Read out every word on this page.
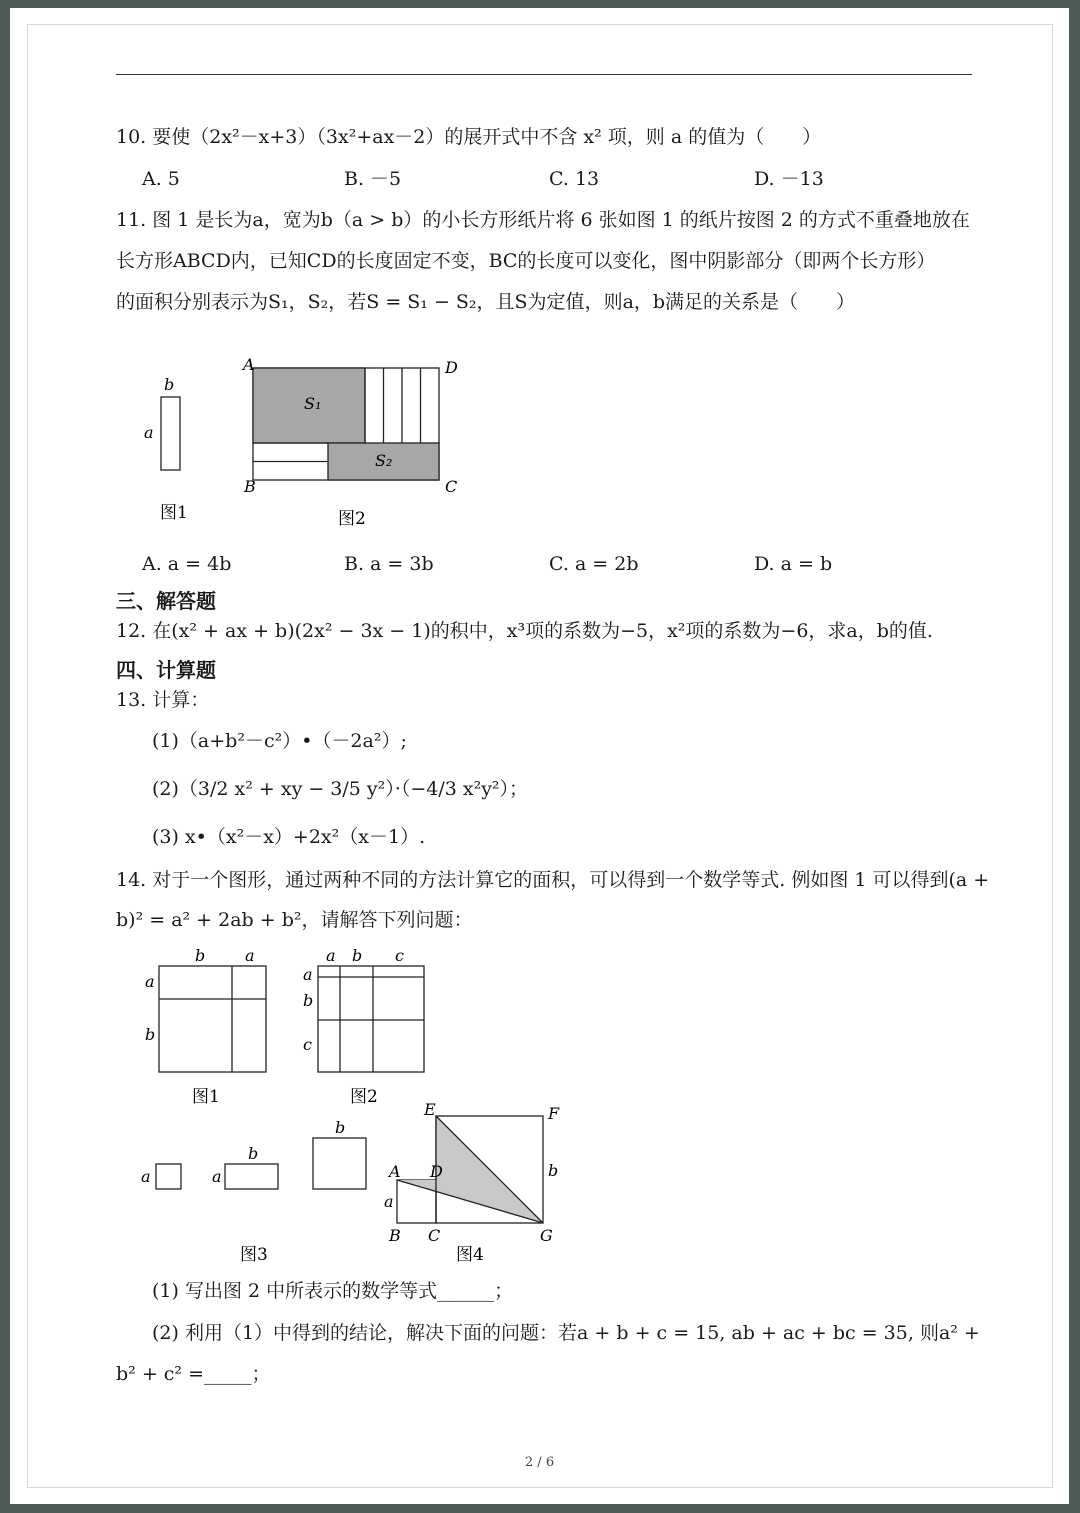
10. 要使（2x²－x+3）（3x²+ax－2）的展开式中不含 x² 项，则 a 的值为（　　）
A. 5	B. －5	C. 13	D. －13
11. 图 1 是长为a，宽为b（a > b）的小长方形纸片将 6 张如图 1 的纸片按图 2 的方式不重叠地放在
长方形ABCD内，已知CD的长度固定不变，BC的长度可以变化，图中阴影部分（即两个长方形）
的面积分别表示为S₁，S₂，若S = S₁ − S₂，且S为定值，则a，b满足的关系是（　　）
b
a
图1
A	D
B	C
S₁
S₂
图2
A. a = 4b	B. a = 3b	C. a = 2b	D. a = b
三、解答题
12. 在(x² + ax + b)(2x² − 3x − 1)的积中，x³项的系数为−5，x²项的系数为−6，求a，b的值.
四、计算题
13. 计算：
(1)（a+b²－c²）•（－2a²）;
(2)（3/2 x² + xy − 3/5 y²）·（−4/3 x²y²）；
(3) x•（x²－x）+2x²（x－1）.
14. 对于一个图形，通过两种不同的方法计算它的面积，可以得到一个数学等式. 例如图 1 可以得到(a +
b)² = a² + 2ab + b²，请解答下列问题：
b a
a
b
图1
a b c
a
b
c
图2
a	a
b
b
图3
E	F
A D
a
b
B C	G
图4
(1) 写出图 2 中所表示的数学等式______；
(2) 利用（1）中得到的结论，解决下面的问题：若a + b + c = 15, ab + ac + bc = 35, 则a² +
b² + c² =_____；
2 / 6
